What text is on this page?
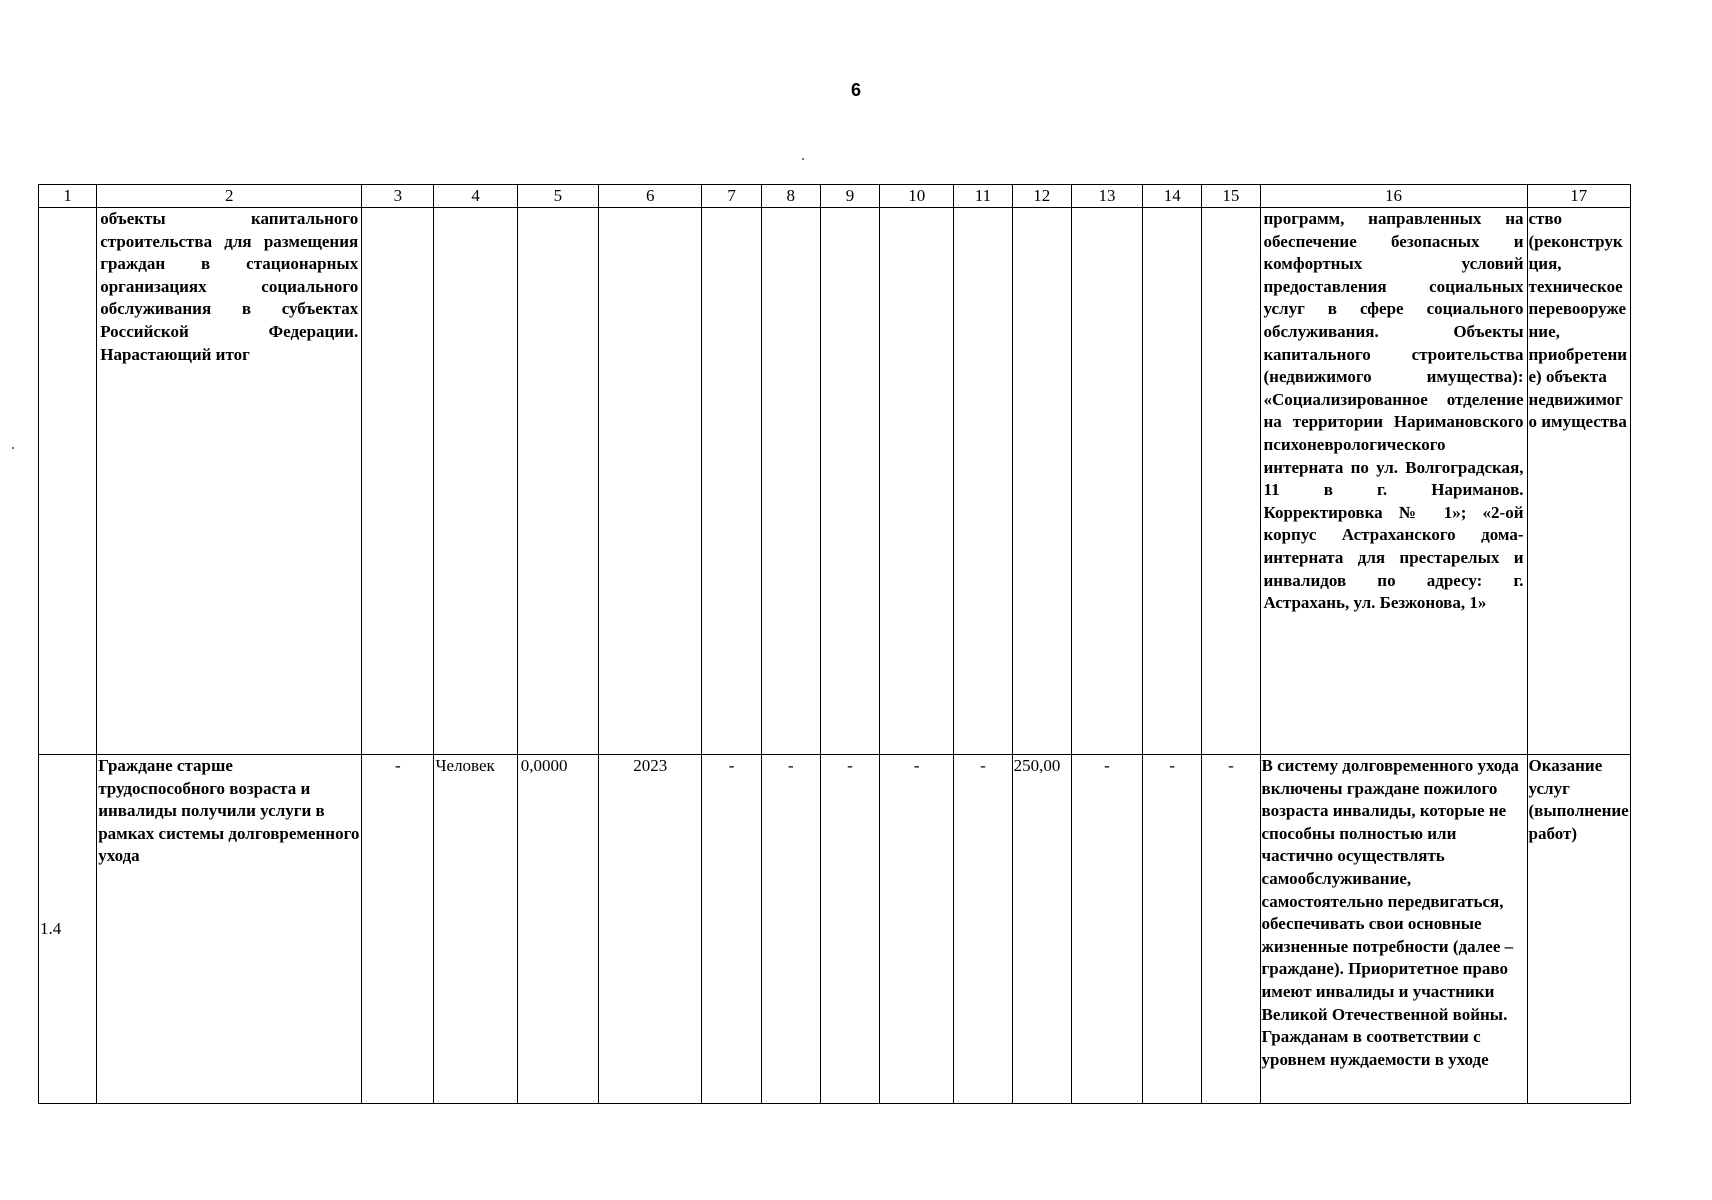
6
1	2	3	4	5	6	7	8	9	10	11	12	13	14	15	16	17
	объекты капитального строительства для размещения граждан в стационарных организациях социального обслуживания в субъектах Российской Федерации. Нарастающий итог														программ, направленных на обеспечение безопасных и комфортных условий предоставления социальных услуг в сфере социального обслуживания. Объекты капитального строительства (недвижимого имущества): «Социализированное отделение на территории Наримановского психоневрологического интерната по ул. Волгоградская, 11 в г. Нариманов. Корректировка № 1»; «2-ой корпус Астраханского дома-интерната для престарелых и инвалидов по адресу: г. Астрахань, ул. Безжонова, 1»	ство (реконструкция, техническое перевооружение, приобретение) объекта недвижимого имущества
1.4	Граждане старше трудоспособного возраста и инвалиды получили услуги в рамках системы долговременного ухода	-	Человек	0,0000	2023	-	-	-	-	-	250,00	-	-	-	В систему долговременного ухода включены граждане пожилого возраста инвалиды, которые не способны полностью или частично осуществлять самообслуживание, самостоятельно передвигаться, обеспечивать свои основные жизненные потребности (далее – граждане). Приоритетное право имеют инвалиды и участники Великой Отечественной войны. Гражданам в соответствии с уровнем нуждаемости в уходе	Оказание услуг (выполнение работ)
